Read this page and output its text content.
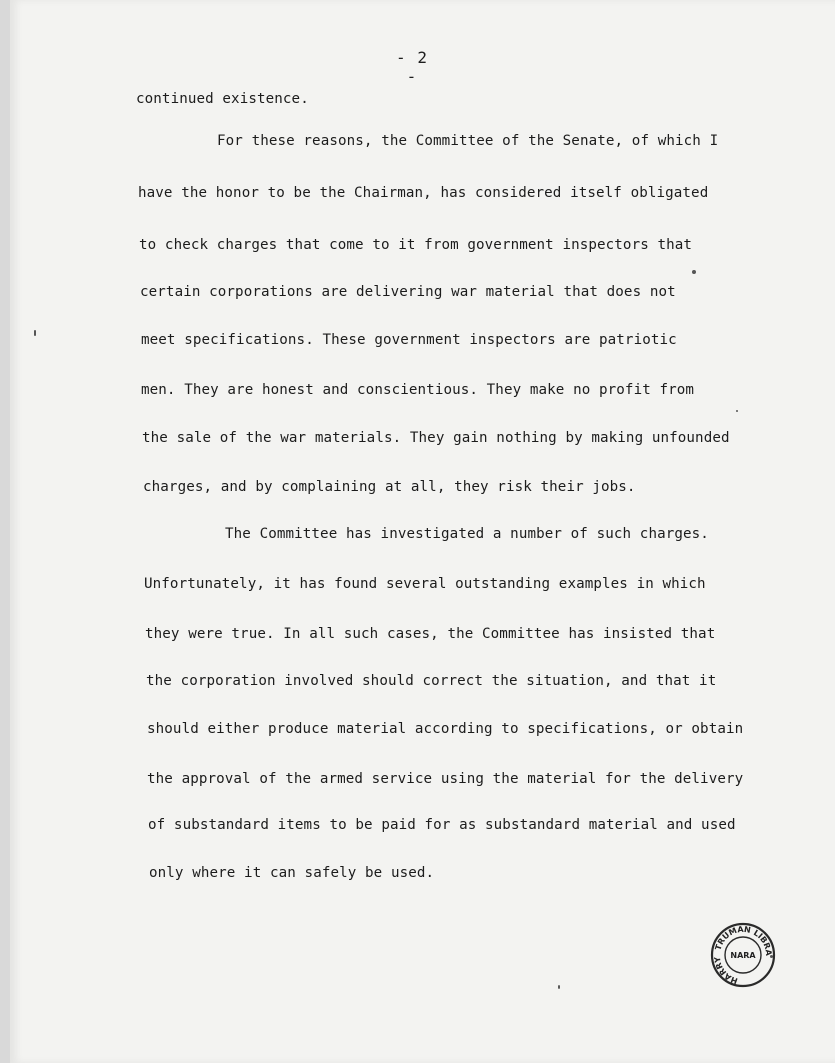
- 2 -
continued existence.
For these reasons, the Committee of the Senate, of which I
have the honor to be the Chairman, has considered itself obligated
to check charges that come to it from government inspectors that
certain corporations are delivering war material that does not
meet specifications. These government inspectors are patriotic
men. They are honest and conscientious. They make no profit from
the sale of the war materials. They gain nothing by making unfounded
charges, and by complaining at all, they risk their jobs.
The Committee has investigated a number of such charges.
Unfortunately, it has found several outstanding examples in which
they were true. In all such cases, the Committee has insisted that
the corporation involved should correct the situation, and that it
should either produce material according to specifications, or obtain
the approval of the armed service using the material for the delivery
of substandard items to be paid for as substandard material and used
only where it can safely be used.
TRUMAN LIBRA
HARRY NARA
